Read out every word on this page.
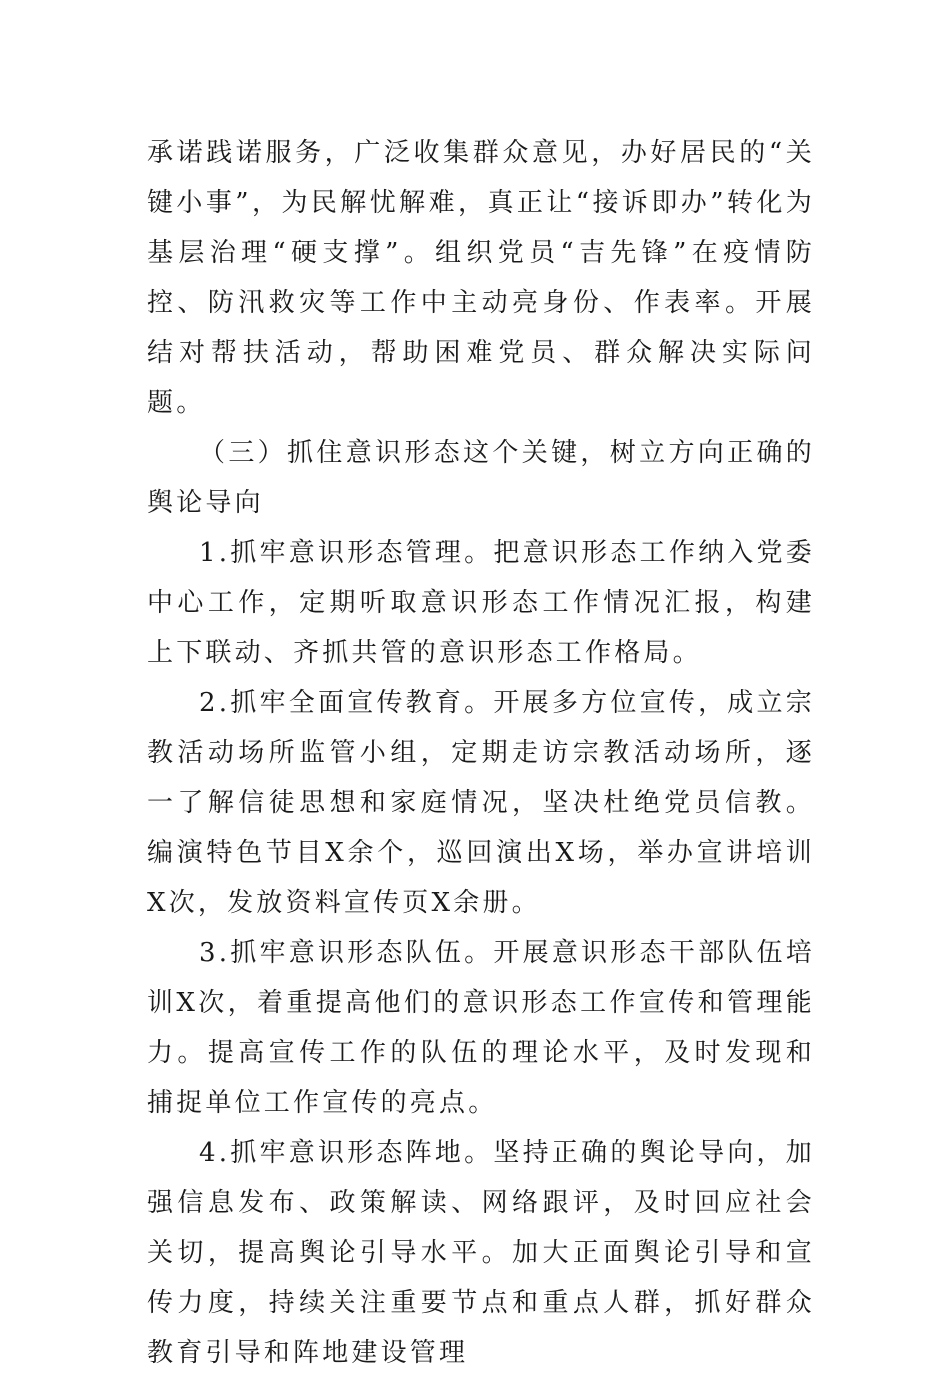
承诺践诺服务，广泛收集群众意见，办好居民的“关键小事”，为民解忧解难，真正让“接诉即办”转化为基层治理“硬支撑”。组织党员“吉先锋”在疫情防控、防汛救灾等工作中主动亮身份、作表率。开展结对帮扶活动，帮助困难党员、群众解决实际问题。

（三）抓住意识形态这个关键，树立方向正确的舆论导向

1.抓牢意识形态管理。把意识形态工作纳入党委中心工作，定期听取意识形态工作情况汇报，构建上下联动、齐抓共管的意识形态工作格局。

2.抓牢全面宣传教育。开展多方位宣传，成立宗教活动场所监管小组，定期走访宗教活动场所，逐一了解信徒思想和家庭情况，坚决杜绝党员信教。编演特色节目X余个，巡回演出X场，举办宣讲培训X次，发放资料宣传页X余册。

3.抓牢意识形态队伍。开展意识形态干部队伍培训X次，着重提高他们的意识形态工作宣传和管理能力。提高宣传工作的队伍的理论水平，及时发现和捕捉单位工作宣传的亮点。

4.抓牢意识形态阵地。坚持正确的舆论导向，加强信息发布、政策解读、网络跟评，及时回应社会关切，提高舆论引导水平。加大正面舆论引导和宣传力度，持续关注重要节点和重点人群，抓好群众教育引导和阵地建设管理
